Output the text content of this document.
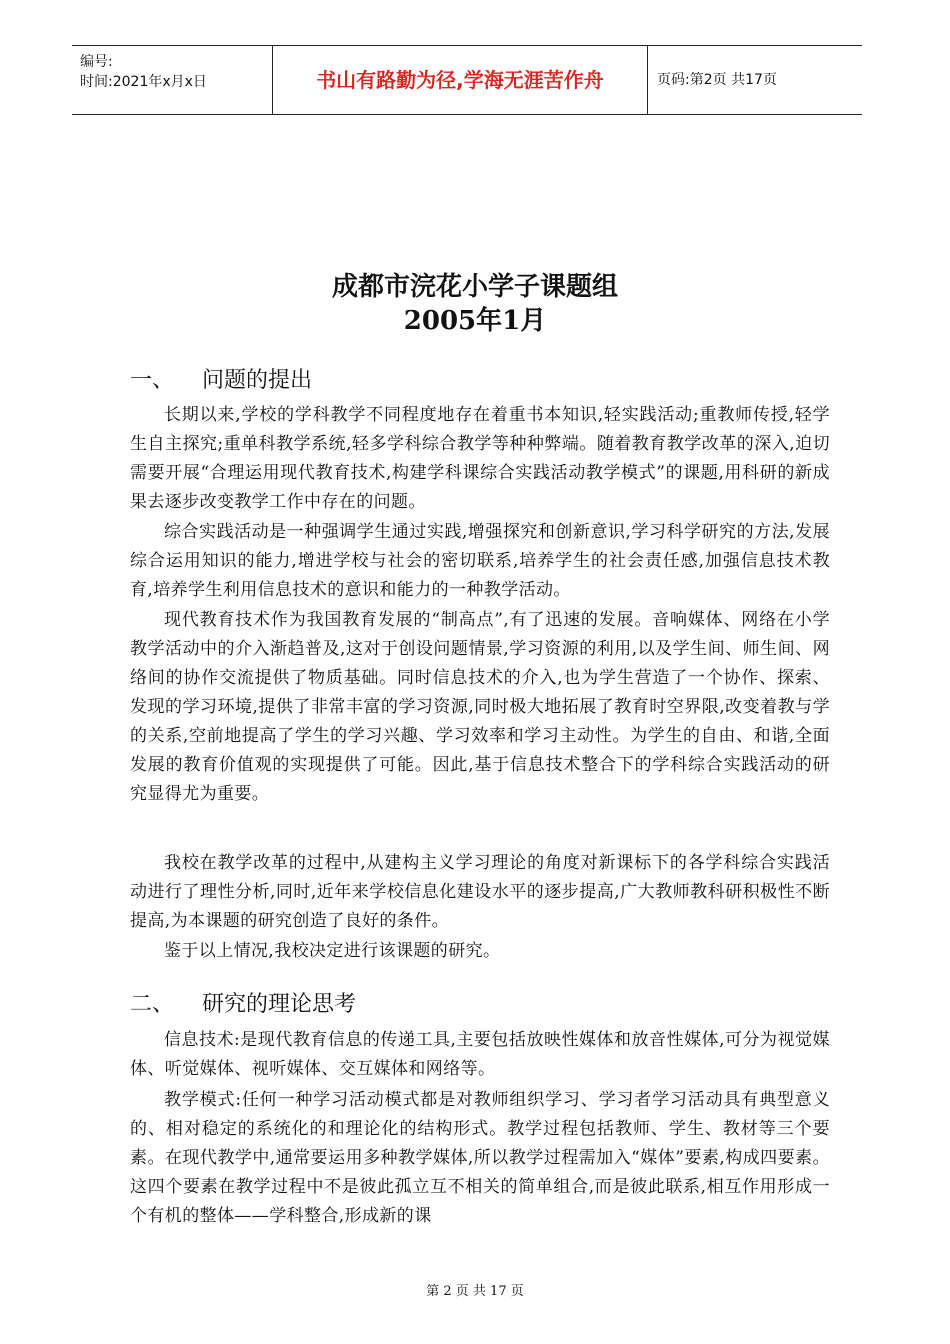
编号:
时间:2021年x月x日	书山有路勤为径,学海无涯苦作舟	页码:第2页 共17页
成都市浣花小学子课题组
2005年1月
一、 问题的提出

长期以来,学校的学科教学不同程度地存在着重书本知识,轻实践活动;重教师传授,轻学生自主探究;重单科教学系统,轻多学科综合教学等种种弊端。随着教育教学改革的深入,迫切需要开展“合理运用现代教育技术,构建学科课综合实践活动教学模式”的课题,用科研的新成果去逐步改变教学工作中存在的问题。

综合实践活动是一种强调学生通过实践,增强探究和创新意识,学习科学研究的方法,发展综合运用知识的能力,增进学校与社会的密切联系,培养学生的社会责任感,加强信息技术教育,培养学生利用信息技术的意识和能力的一种教学活动。

现代教育技术作为我国教育发展的“制高点”,有了迅速的发展。音响媒体、网络在小学教学活动中的介入渐趋普及,这对于创设问题情景,学习资源的利用,以及学生间、师生间、网络间的协作交流提供了物质基础。同时信息技术的介入,也为学生营造了一个协作、探索、发现的学习环境,提供了非常丰富的学习资源,同时极大地拓展了教育时空界限,改变着教与学的关系,空前地提高了学生的学习兴趣、学习效率和学习主动性。为学生的自由、和谐,全面发展的教育价值观的实现提供了可能。因此,基于信息技术整合下的学科综合实践活动的研究显得尤为重要。

我校在教学改革的过程中,从建构主义学习理论的角度对新课标下的各学科综合实践活动进行了理性分析,同时,近年来学校信息化建设水平的逐步提高,广大教师教科研积极性不断提高,为本课题的研究创造了良好的条件。

鉴于以上情况,我校决定进行该课题的研究。

二、 研究的理论思考

信息技术:是现代教育信息的传递工具,主要包括放映性媒体和放音性媒体,可分为视觉媒体、听觉媒体、视听媒体、交互媒体和网络等。

教学模式:任何一种学习活动模式都是对教师组织学习、学习者学习活动具有典型意义的、相对稳定的系统化的和理论化的结构形式。教学过程包括教师、学生、教材等三个要素。在现代教学中,通常要运用多种教学媒体,所以教学过程需加入“媒体”要素,构成四要素。这四个要素在教学过程中不是彼此孤立互不相关的简单组合,而是彼此联系,相互作用形成一个有机的整体——学科整合,形成新的课

第 2 页 共 17 页
